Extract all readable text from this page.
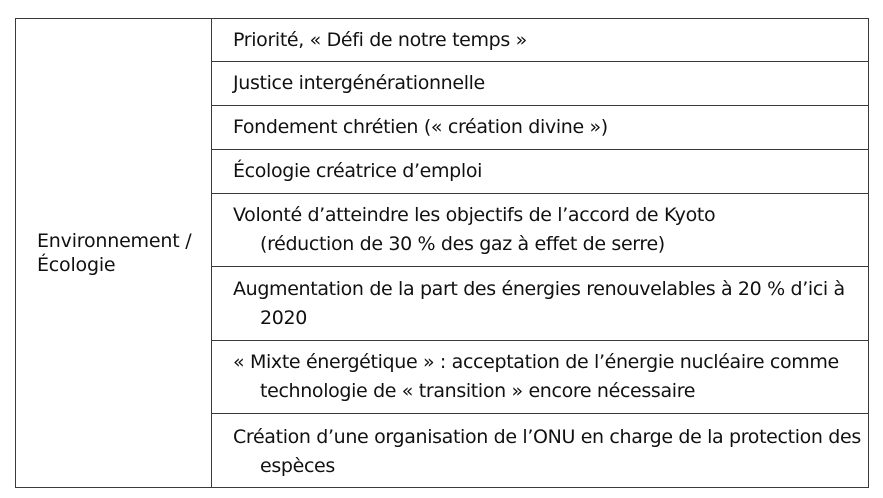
Environnement /
Écologie
Priorité, « Défi de notre temps »
Justice intergénérationnelle
Fondement chrétien (« création divine »)
Écologie créatrice d’emploi
Volonté d’atteindre les objectifs de l’accord de Kyoto
(réduction de 30 % des gaz à effet de serre)
Augmentation de la part des énergies renouvelables à 20 % d’ici à
2020
« Mixte énergétique » : acceptation de l’énergie nucléaire comme
technologie de « transition » encore nécessaire
Création d’une organisation de l’ONU en charge de la protection des
espèces
